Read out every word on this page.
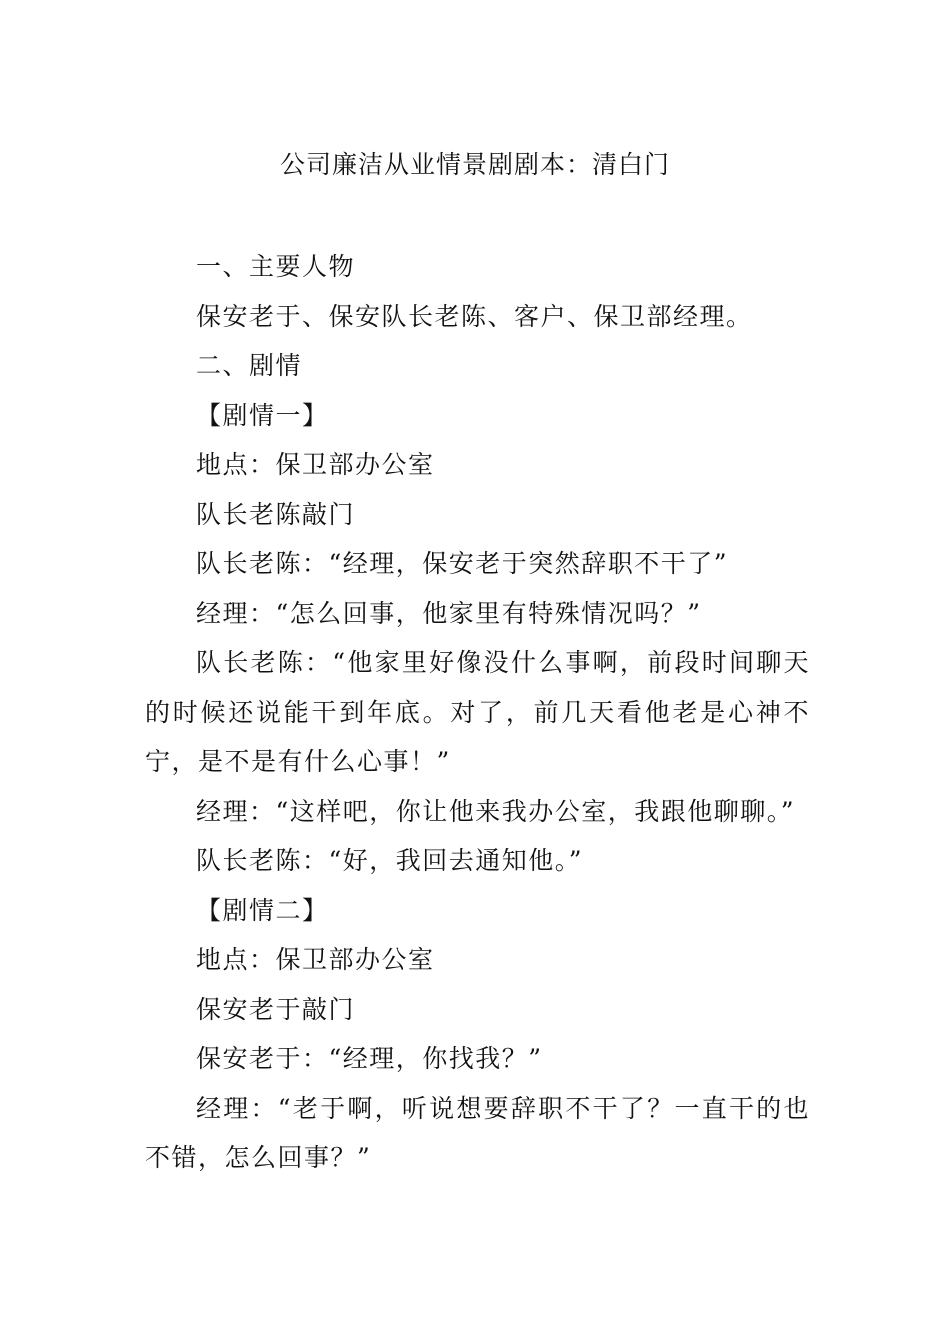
公司廉洁从业情景剧剧本：清白门

一、主要人物

保安老于、保安队长老陈、客户、保卫部经理。

二、剧情

【剧情一】

地点：保卫部办公室

队长老陈敲门

队长老陈：“经理，保安老于突然辞职不干了”

经理：“怎么回事，他家里有特殊情况吗？”

队长老陈：“他家里好像没什么事啊，前段时间聊天的时候还说能干到年底。对了，前几天看他老是心神不宁，是不是有什么心事！”

经理：“这样吧，你让他来我办公室，我跟他聊聊。”

队长老陈：“好，我回去通知他。”

【剧情二】

地点：保卫部办公室

保安老于敲门

保安老于：“经理，你找我？”

经理：“老于啊，听说想要辞职不干了？一直干的也不错，怎么回事？”
